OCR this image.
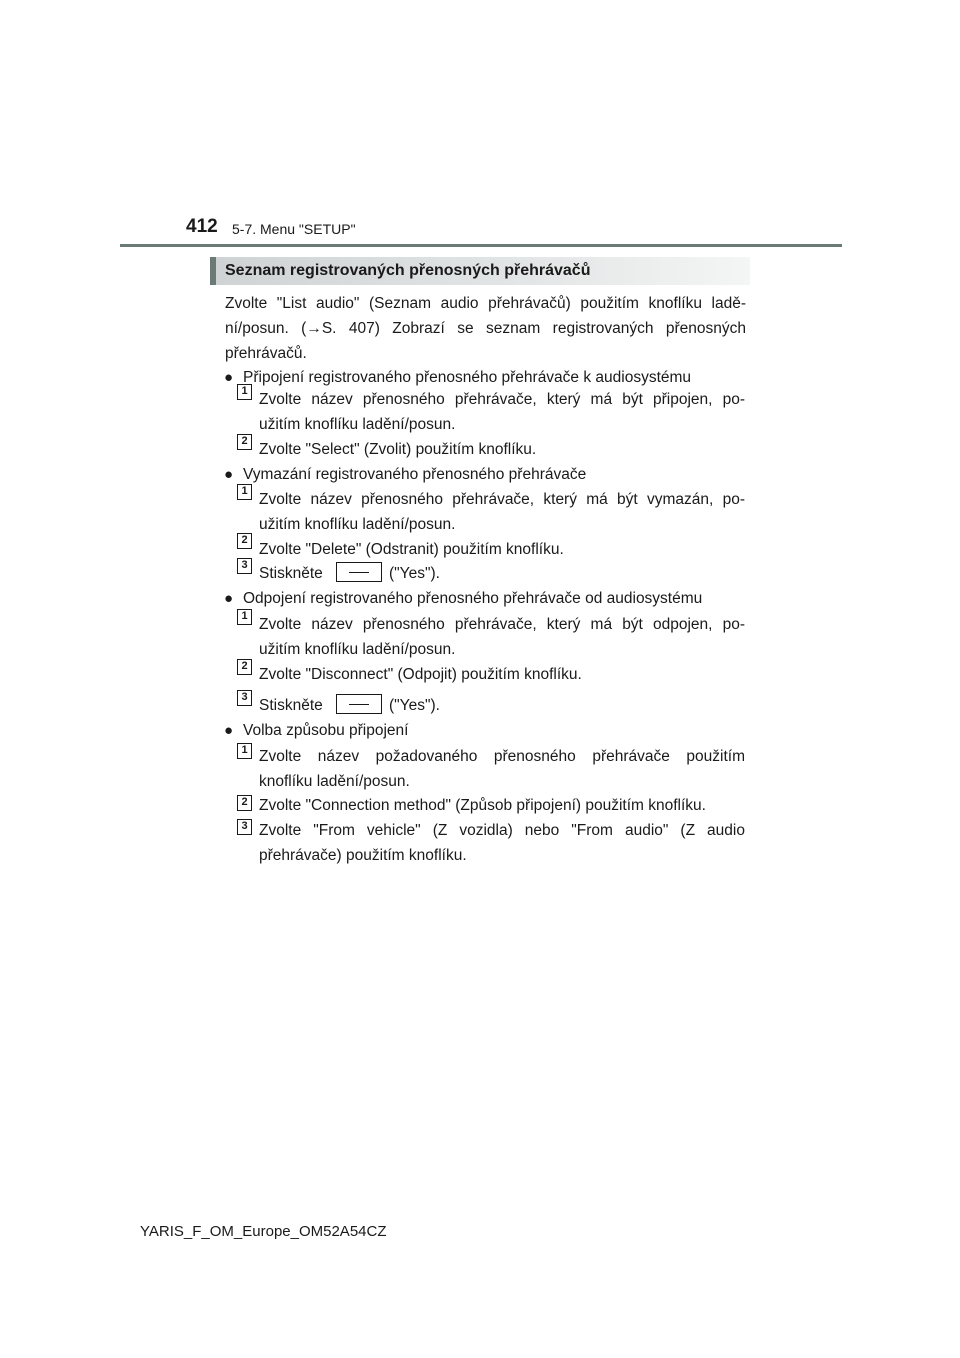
412 5-7. Menu "SETUP"
Seznam registrovaných přenosných přehrávačů
Zvolte "List audio" (Seznam audio přehrávačů) použitím knoflíku ladě-
ní/posun. (→S. 407) Zobrazí se seznam registrovaných přenosných
přehrávačů.
● Připojení registrovaného přenosného přehrávače k audiosystému
1 Zvolte název přenosného přehrávače, který má být připojen, po-
užitím knoflíku ladění/posun.
2 Zvolte "Select" (Zvolit) použitím knoflíku.
● Vymazání registrovaného přenosného přehrávače
1 Zvolte název přenosného přehrávače, který má být vymazán, po-
užitím knoflíku ladění/posun.
2
Zvolte "Delete" (Odstranit) použitím knoflíku.
3 Stiskněte	("Yes").
● Odpojení registrovaného přenosného přehrávače od audiosystému
1 Zvolte název přenosného přehrávače, který má být odpojen, po-
užitím knoflíku ladění/posun.
2 Zvolte "Disconnect" (Odpojit) použitím knoflíku.
3 Stiskněte	("Yes").
● Volba způsobu připojení
1 Zvolte název požadovaného přenosného přehrávače použitím
knoflíku ladění/posun.
2 Zvolte "Connection method" (Způsob připojení) použitím knoflíku.
3 Zvolte "From vehicle" (Z vozidla) nebo "From audio" (Z audio
přehrávače) použitím knoflíku.
YARIS_F_OM_Europe_OM52A54CZ
